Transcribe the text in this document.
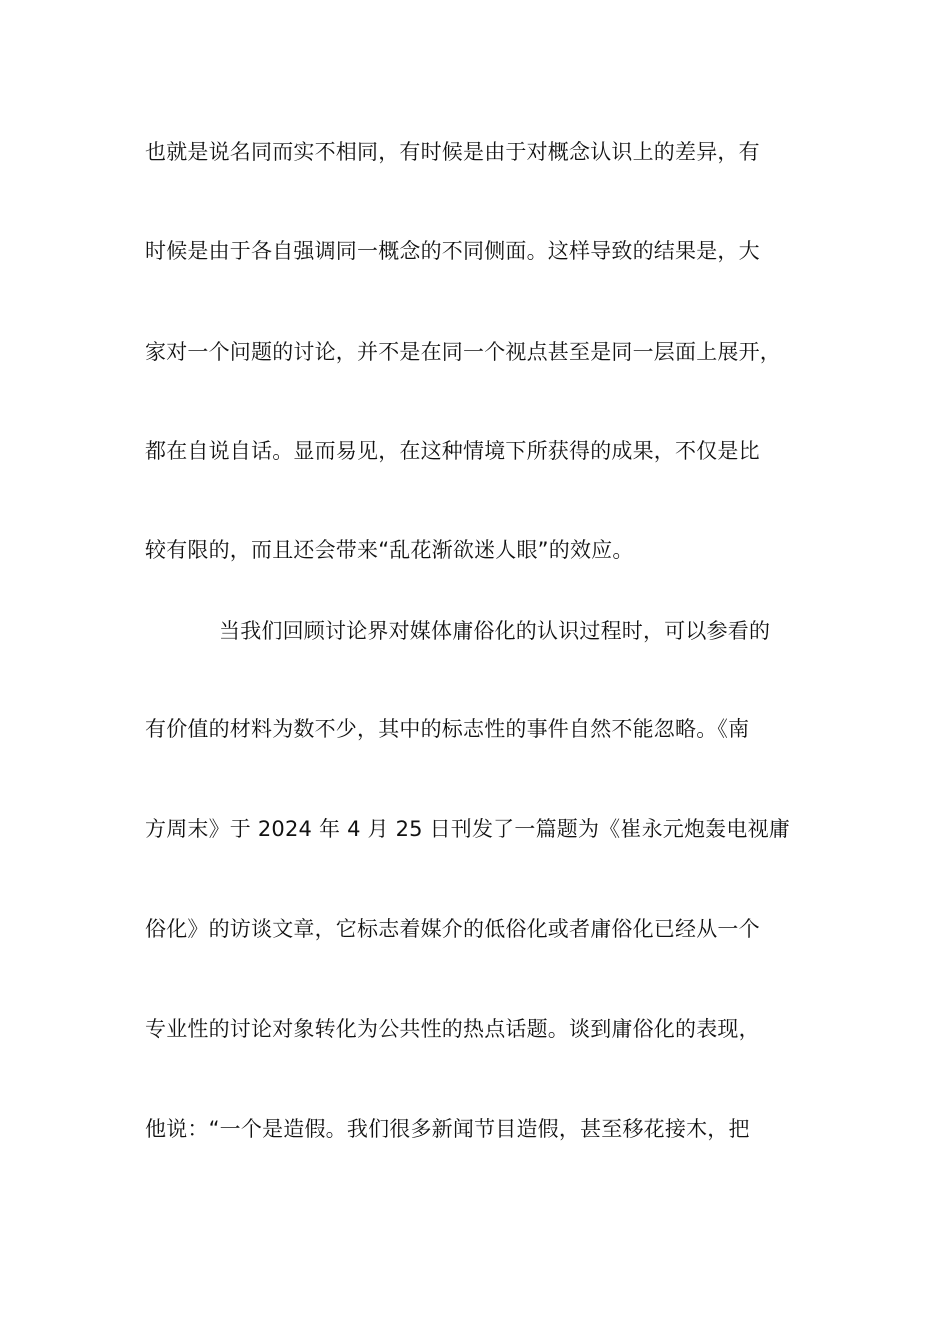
也就是说名同而实不相同，有时候是由于对概念认识上的差异，有
时候是由于各自强调同一概念的不同侧面。这样导致的结果是，大
家对一个问题的讨论，并不是在同一个视点甚至是同一层面上展开，
都在自说自话。显而易见，在这种情境下所获得的成果，不仅是比
较有限的，而且还会带来“乱花渐欲迷人眼”的效应。
当我们回顾讨论界对媒体庸俗化的认识过程时，可以参看的
有价值的材料为数不少，其中的标志性的事件自然不能忽略。《南
方周末》于 2024 年 4 月 25 日刊发了一篇题为《崔永元炮轰电视庸
俗化》的访谈文章，它标志着媒介的低俗化或者庸俗化已经从一个
专业性的讨论对象转化为公共性的热点话题。谈到庸俗化的表现，
他说：“一个是造假。我们很多新闻节目造假，甚至移花接木，把
